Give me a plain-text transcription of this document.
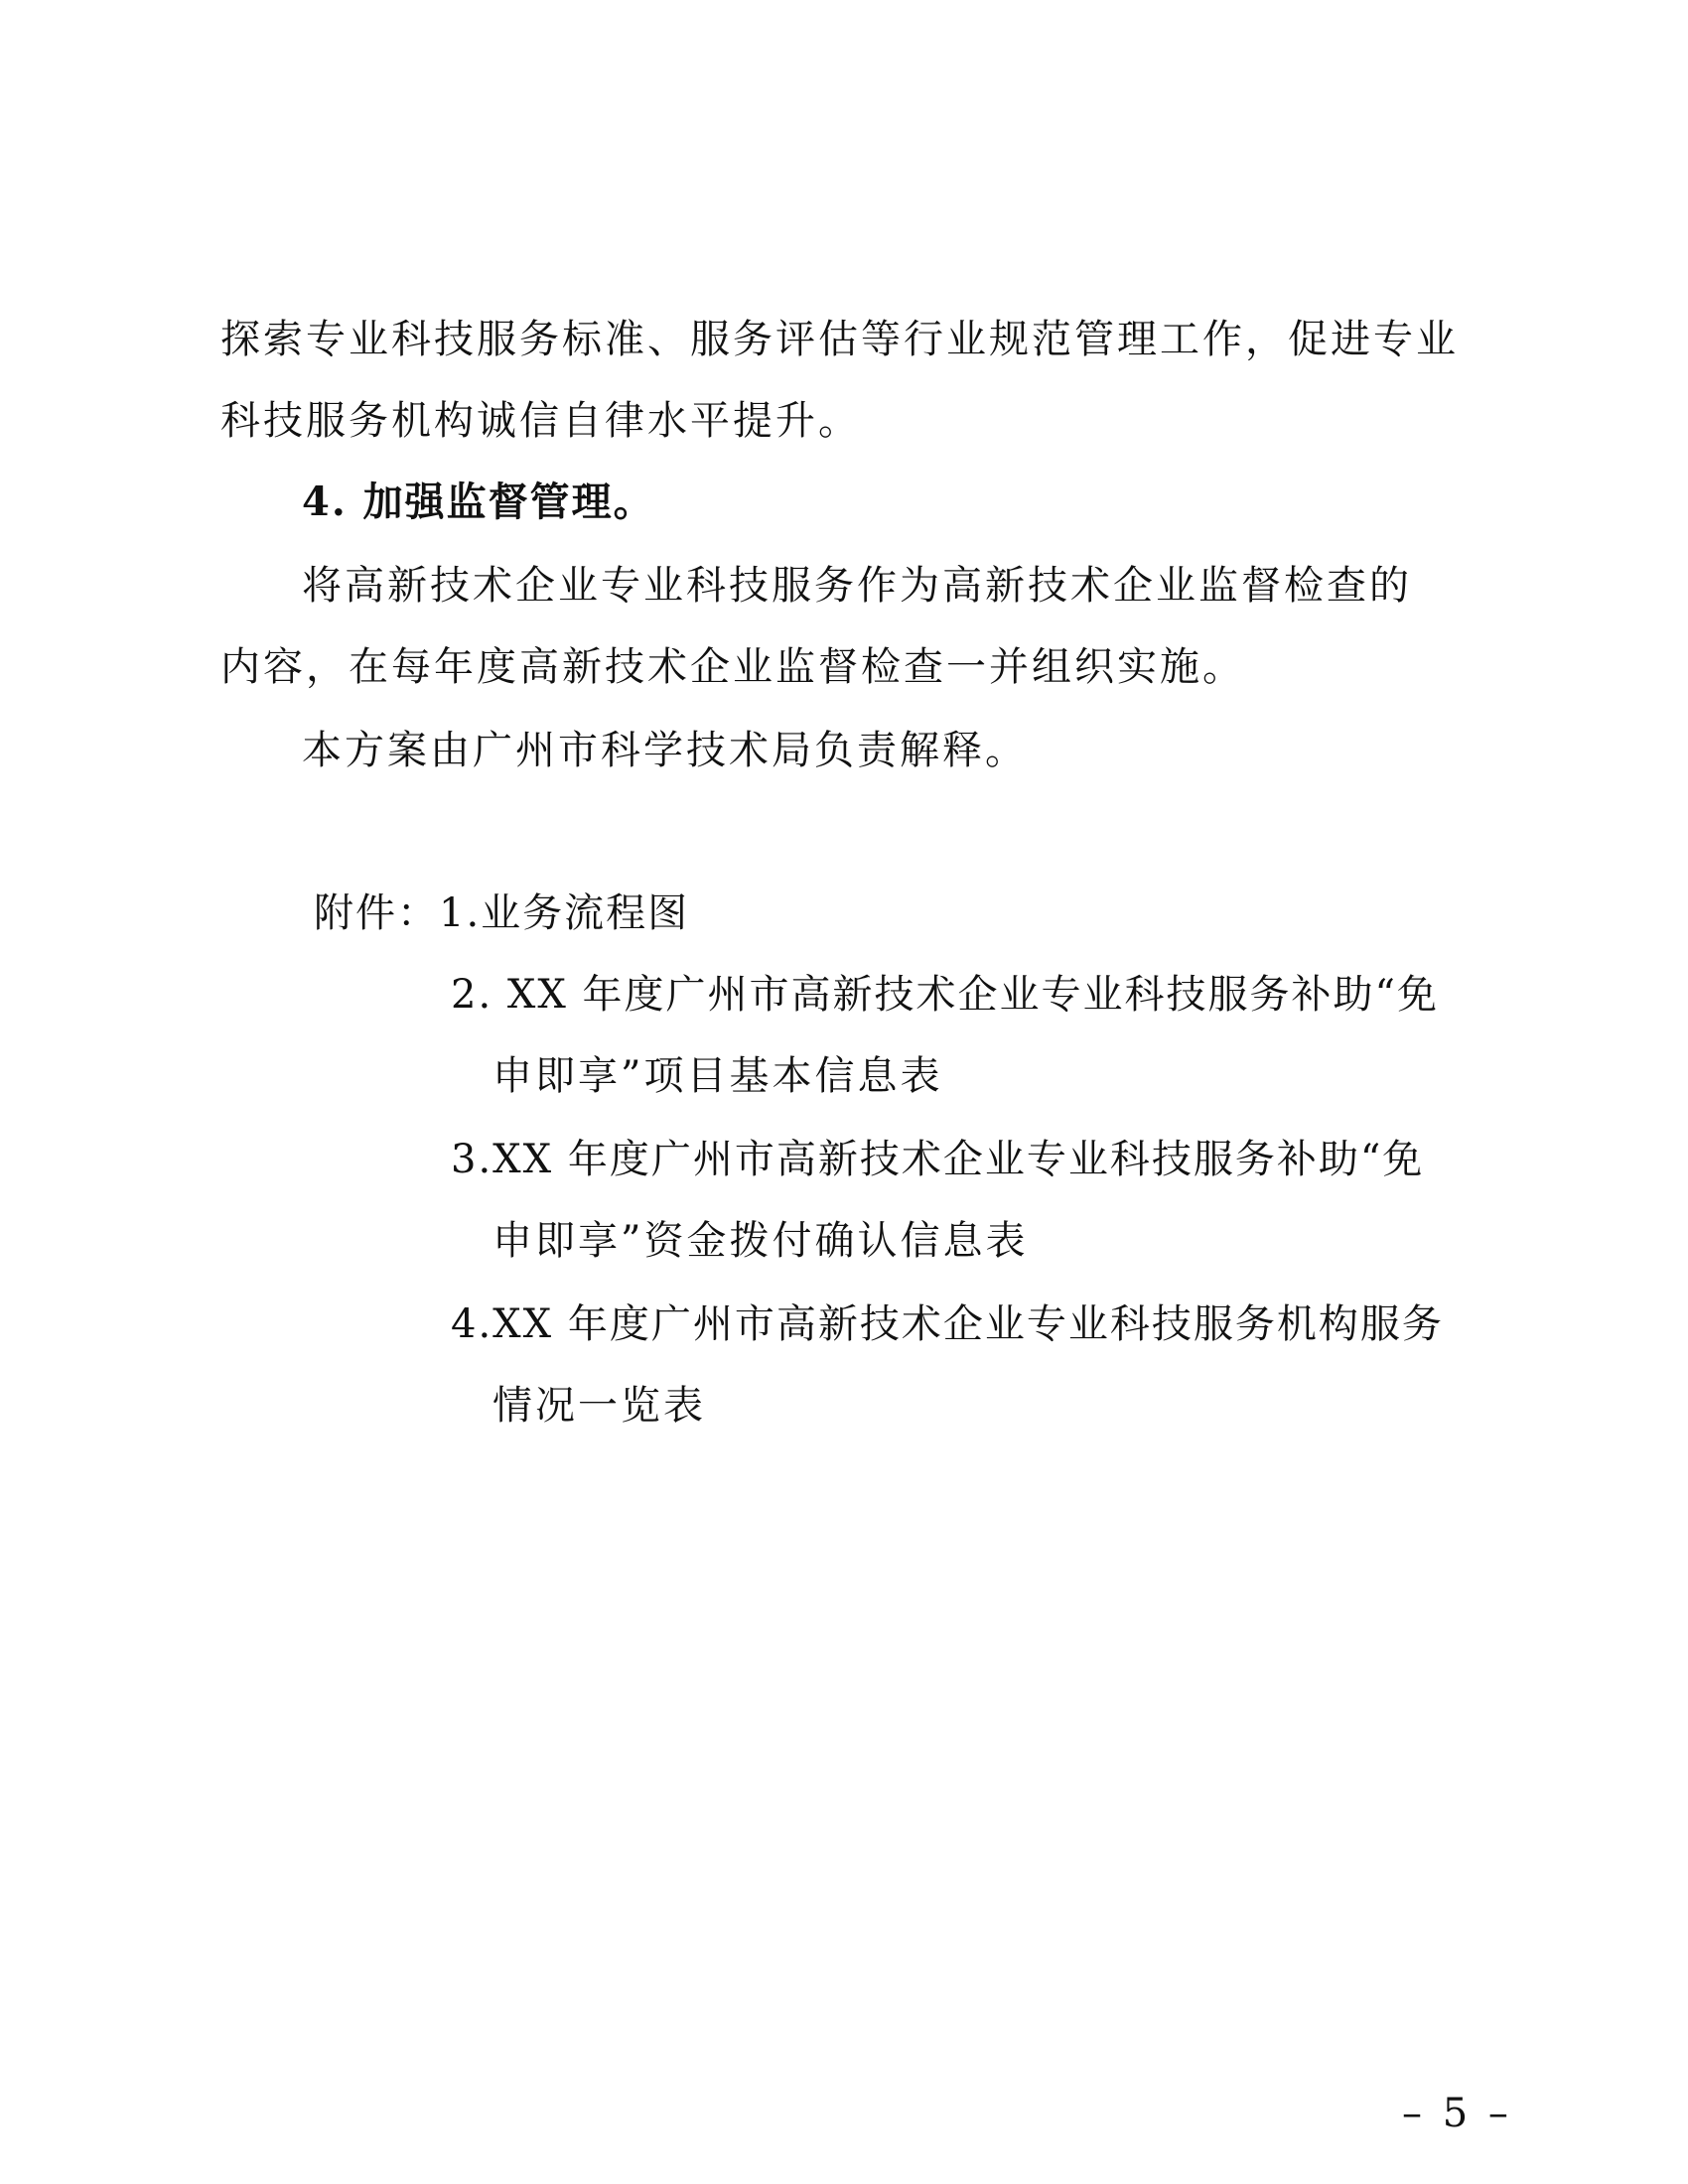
探索专业科技服务标准、服务评估等行业规范管理工作，促进专业
科技服务机构诚信自律水平提升。
4. 加强监督管理。
将高新技术企业专业科技服务作为高新技术企业监督检查的
内容，在每年度高新技术企业监督检查一并组织实施。
本方案由广州市科学技术局负责解释。
附件：1.业务流程图
2. XX 年度广州市高新技术企业专业科技服务补助“免
申即享”项目基本信息表
3.XX 年度广州市高新技术企业专业科技服务补助“免
申即享”资金拨付确认信息表
4.XX 年度广州市高新技术企业专业科技服务机构服务
情况一览表
– 5 –
